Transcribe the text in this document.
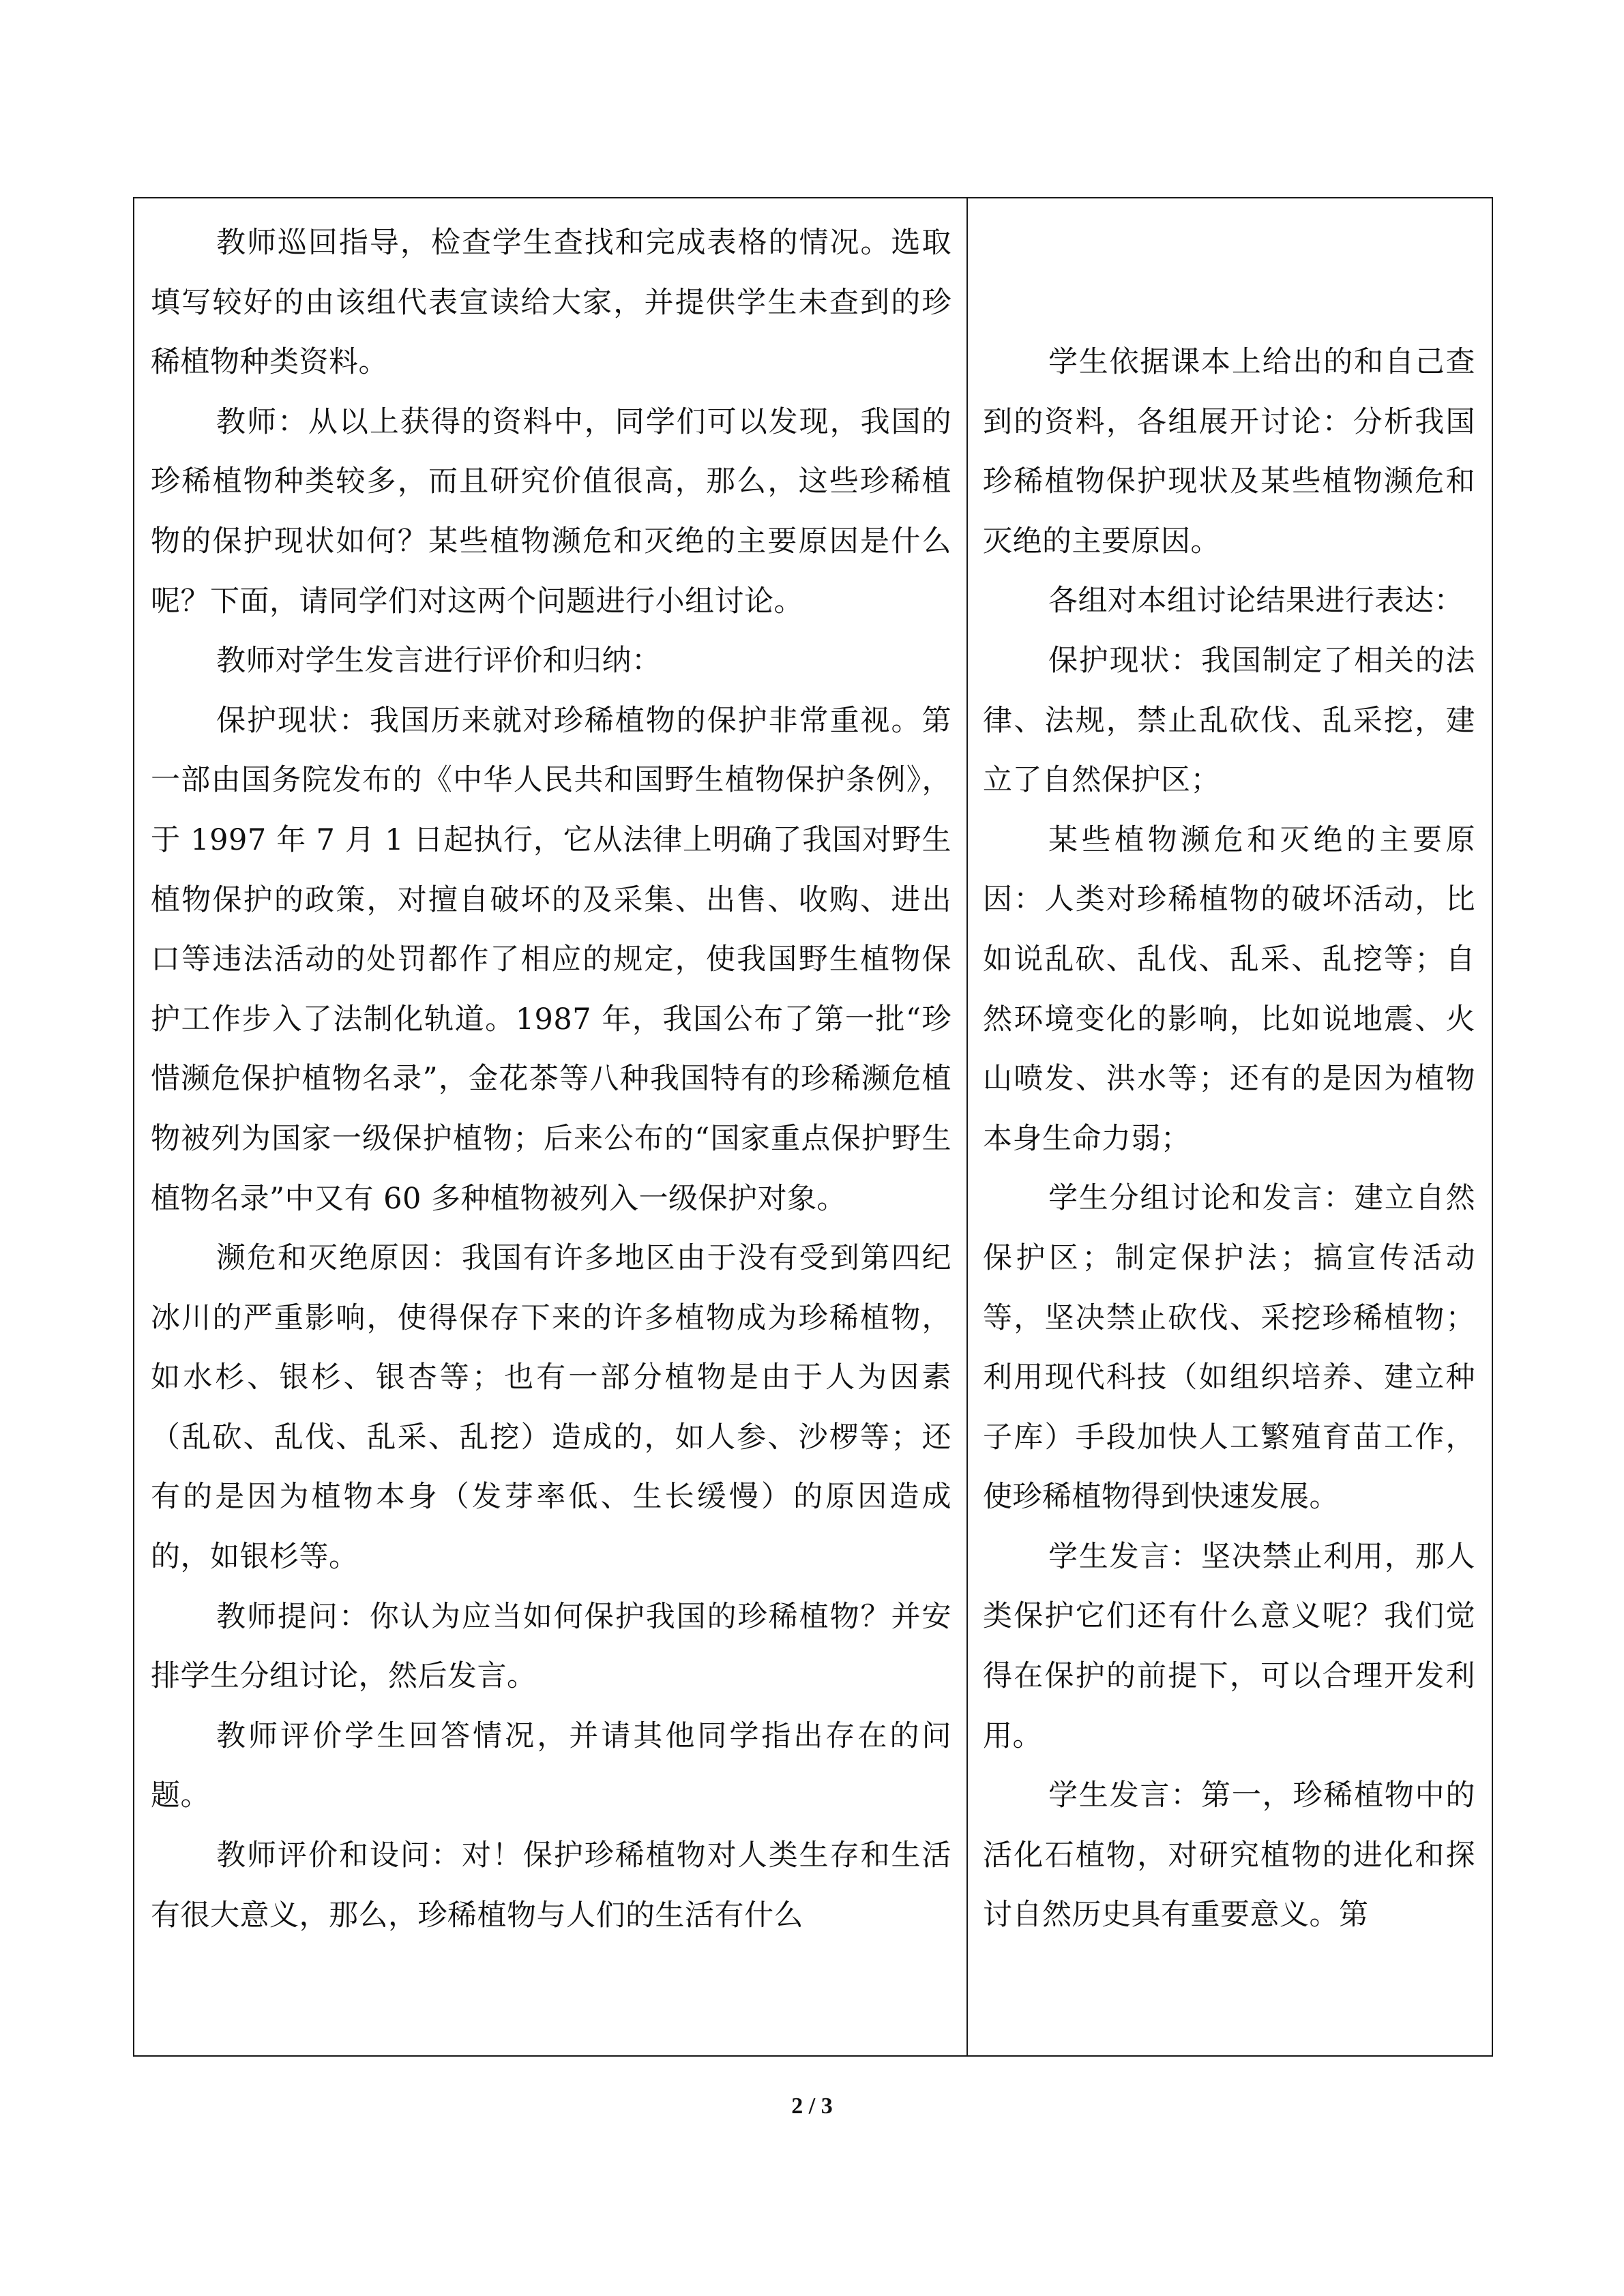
教师巡回指导，检查学生查找和完成表格的情况。选取填写较好的由该组代表宣读给大家，并提供学生未查到的珍稀植物种类资料。

教师：从以上获得的资料中，同学们可以发现，我国的珍稀植物种类较多，而且研究价值很高，那么，这些珍稀植物的保护现状如何？某些植物濒危和灭绝的主要原因是什么呢？下面，请同学们对这两个问题进行小组讨论。

教师对学生发言进行评价和归纳：

保护现状：我国历来就对珍稀植物的保护非常重视。第一部由国务院发布的《中华人民共和国野生植物保护条例》，于 1997 年 7 月 1 日起执行，它从法律上明确了我国对野生植物保护的政策，对擅自破坏的及采集、出售、收购、进出口等违法活动的处罚都作了相应的规定，使我国野生植物保护工作步入了法制化轨道。1987 年，我国公布了第一批“珍惜濒危保护植物名录”，金花茶等八种我国特有的珍稀濒危植物被列为国家一级保护植物；后来公布的“国家重点保护野生植物名录”中又有 60 多种植物被列入一级保护对象。

濒危和灭绝原因：我国有许多地区由于没有受到第四纪冰川的严重影响，使得保存下来的许多植物成为珍稀植物，如水杉、银杉、银杏等；也有一部分植物是由于人为因素（乱砍、乱伐、乱采、乱挖）造成的，如人参、沙椤等；还有的是因为植物本身（发芽率低、生长缓慢）的原因造成的，如银杉等。

教师提问：你认为应当如何保护我国的珍稀植物？并安排学生分组讨论，然后发言。

教师评价学生回答情况，并请其他同学指出存在的问题。

教师评价和设问：对！保护珍稀植物对人类生存和生活有很大意义，那么，珍稀植物与人们的生活有什么

学生依据课本上给出的和自己查到的资料，各组展开讨论：分析我国珍稀植物保护现状及某些植物濒危和灭绝的主要原因。

各组对本组讨论结果进行表达：

保护现状：我国制定了相关的法律、法规，禁止乱砍伐、乱采挖，建立了自然保护区；

某些植物濒危和灭绝的主要原因：人类对珍稀植物的破坏活动，比如说乱砍、乱伐、乱采、乱挖等；自然环境变化的影响，比如说地震、火山喷发、洪水等；还有的是因为植物本身生命力弱；

学生分组讨论和发言：建立自然保护区；制定保护法；搞宣传活动等，坚决禁止砍伐、采挖珍稀植物；利用现代科技（如组织培养、建立种子库）手段加快人工繁殖育苗工作，使珍稀植物得到快速发展。

学生发言：坚决禁止利用，那人类保护它们还有什么意义呢？我们觉得在保护的前提下，可以合理开发利用。

学生发言：第一，珍稀植物中的活化石植物，对研究植物的进化和探讨自然历史具有重要意义。第

2 / 3
